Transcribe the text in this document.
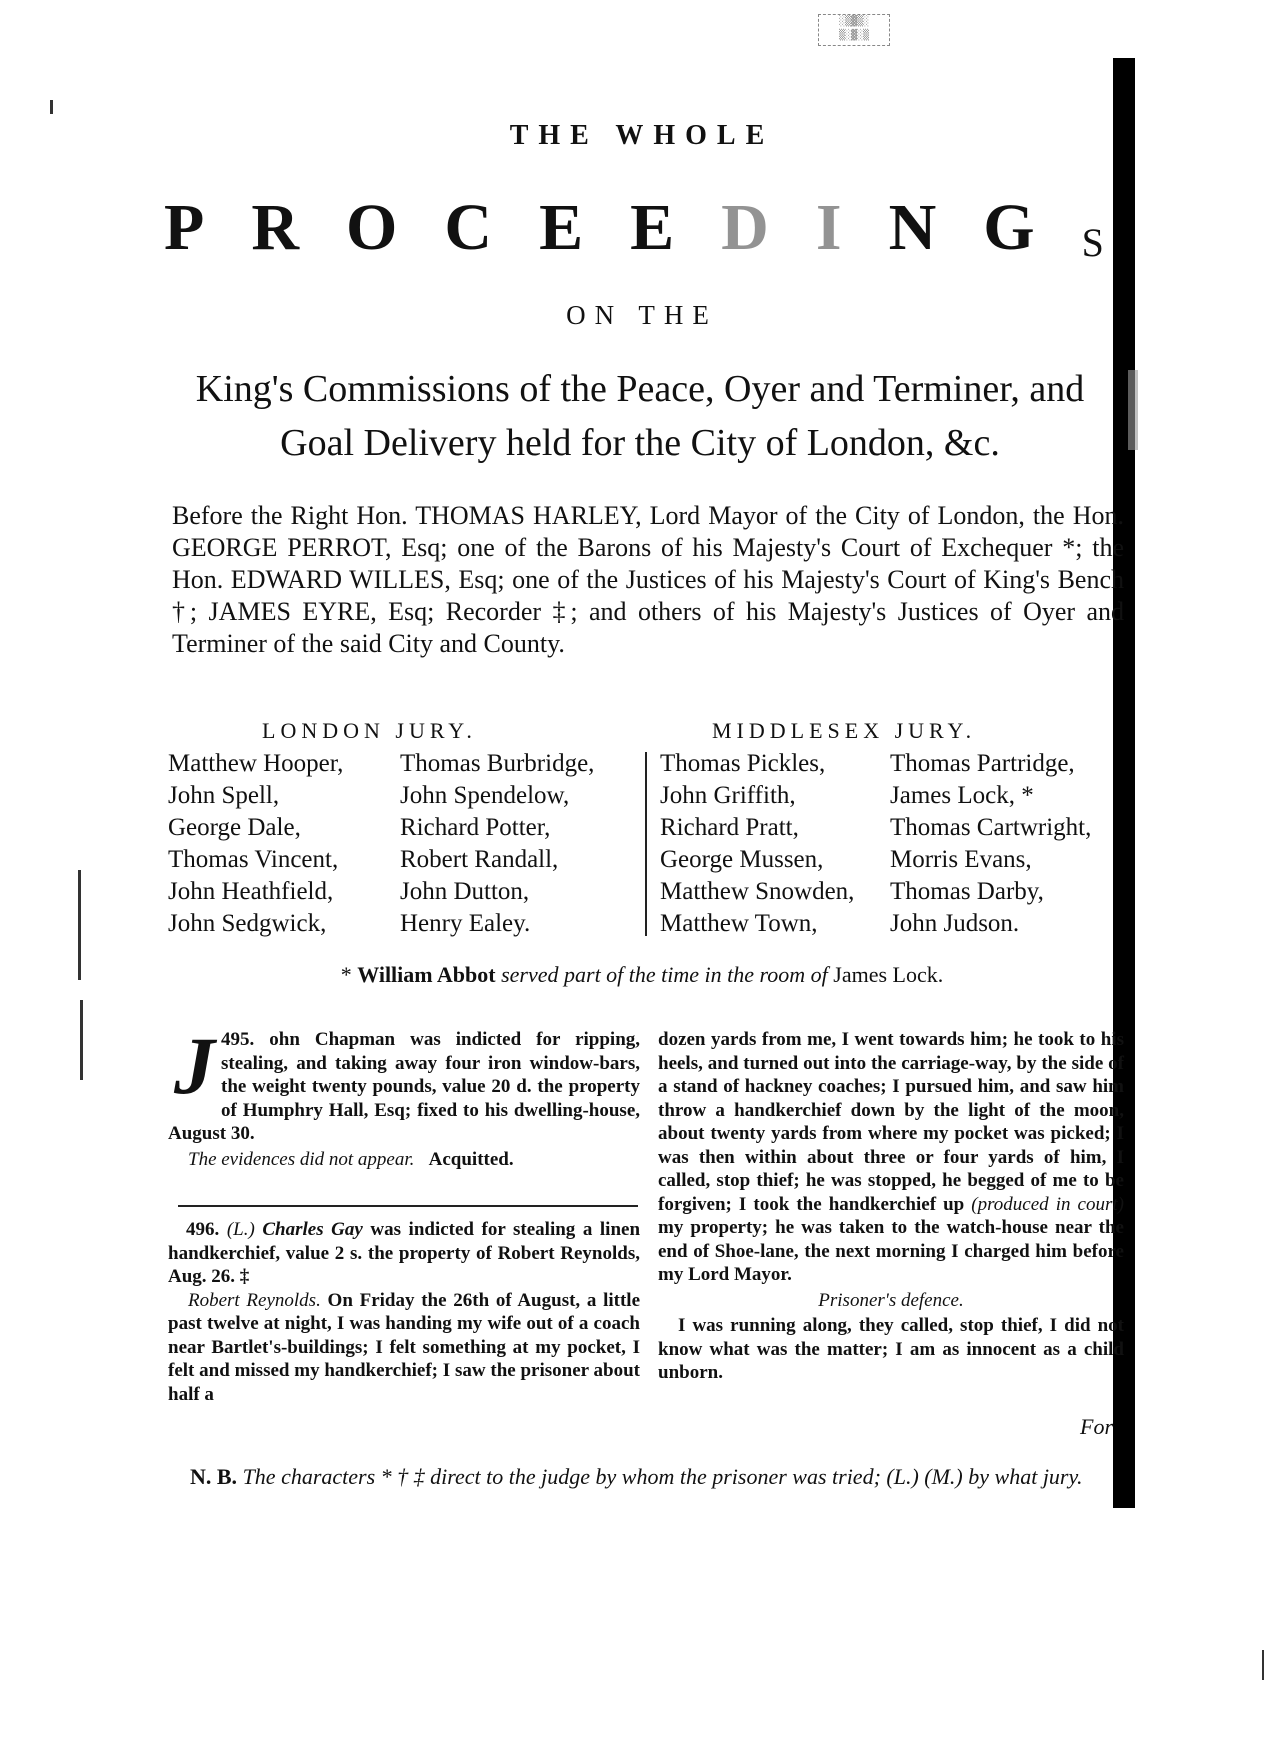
░▒▓▒░
▒░▓░▒
THE WHOLE
P R O C E E D I N G S
ON THE
King's Commissions of the Peace, Oyer and Terminer, and
Goal Delivery held for the City of London, &c.
Before the Right Hon. THOMAS HARLEY, Lord Mayor of the City of London, the Hon. GEORGE PERROT, Esq; one of the Barons of his Majesty's Court of Exchequer *; the Hon. EDWARD WILLES, Esq; one of the Justices of his Majesty's Court of King's Bench †; JAMES EYRE, Esq; Recorder ‡; and others of his Majesty's Justices of Oyer and Terminer of the said City and County.
LONDON JURY.	MIDDLESEX JURY.
Matthew Hooper,
John Spell,
George Dale,
Thomas Vincent,
John Heathfield,
John Sedgwick,
Thomas Burbridge,
John Spendelow,
Richard Potter,
Robert Randall,
John Dutton,
Henry Ealey.
Thomas Pickles,
John Griffith,
Richard Pratt,
George Mussen,
Matthew Snowden,
Matthew Town,
Thomas Partridge,
James Lock, *
Thomas Cartwright,
Morris Evans,
Thomas Darby,
John Judson.
* William Abbot served part of the time in the room of James Lock.
495.
J	ohn Chapman was indicted for ripping, stealing, and taking away four iron window-bars, the weight twenty pounds, value 20 d. the property of Humphry Hall, Esq; fixed to his dwelling-house, August 30.
The evidences did not appear. Acquitted.
496. (L.) Charles Gay was indicted for stealing a linen handkerchief, value 2 s. the property of Robert Reynolds, Aug. 26. ‡
Robert Reynolds. On Friday the 26th of August, a little past twelve at night, I was handing my wife out of a coach near Bartlet's-buildings; I felt something at my pocket, I felt and missed my handkerchief; I saw the prisoner about half a
dozen yards from me, I went towards him; he took to his heels, and turned out into the carriage-way, by the side of a stand of hackney coaches; I pursued him, and saw him throw a handkerchief down by the light of the moon, about twenty yards from where my pocket was picked; I was then within about three or four yards of him, I called, stop thief; he was stopped, he begged of me to be forgiven; I took the handkerchief up (produced in court) my property; he was taken to the watch-house near the end of Shoe-lane, the next morning I charged him before my Lord Mayor.
Prisoner's defence.
I was running along, they called, stop thief, I did not know what was the matter; I am as innocent as a child unborn.
For
N. B. The characters * † ‡ direct to the judge by whom the prisoner was tried; (L.) (M.) by what jury.
